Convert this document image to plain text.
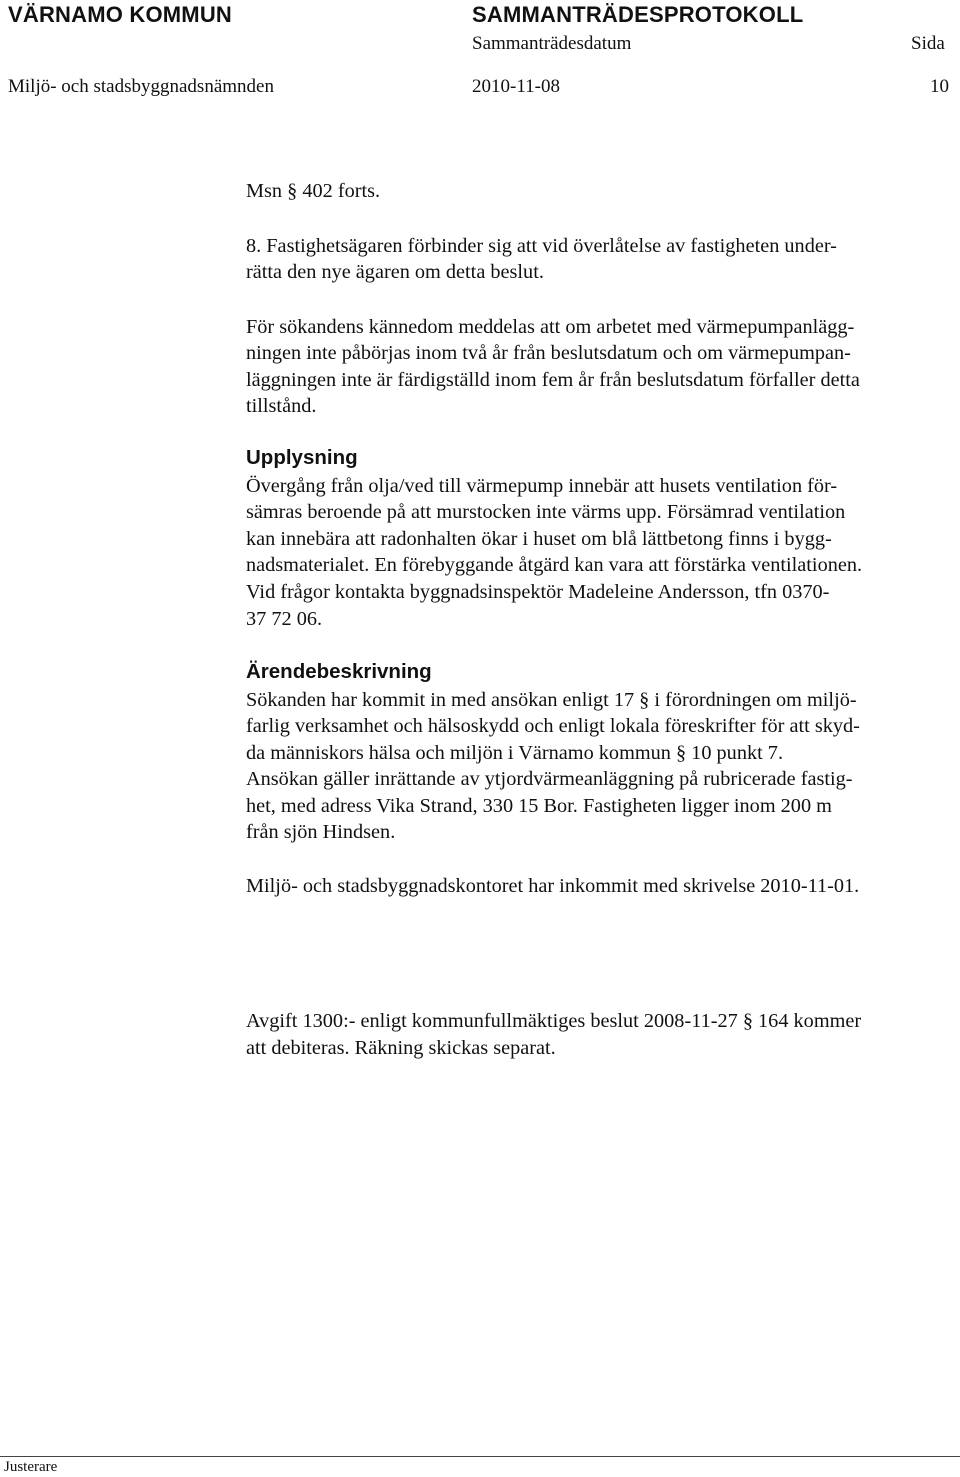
VÄRNAMO KOMMUN	SAMMANTRÄDESPROTOKOLL
Sammanträdesdatum	Sida
Miljö- och stadsbyggnadsnämnden	2010-11-08	10
Msn § 402 forts.
8. Fastighetsägaren förbinder sig att vid överlåtelse av fastigheten under-
rätta den nye ägaren om detta beslut.
För sökandens kännedom meddelas att om arbetet med värmepumpanlägg-
ningen inte påbörjas inom två år från beslutsdatum och om värmepumpan-
läggningen inte är färdigställd inom fem år från beslutsdatum förfaller detta
tillstånd.
Upplysning
Övergång från olja/ved till värmepump innebär att husets ventilation för-
sämras beroende på att murstocken inte värms upp. Försämrad ventilation
kan innebära att radonhalten ökar i huset om blå lättbetong finns i bygg-
nadsmaterialet. En förebyggande åtgärd kan vara att förstärka ventilationen.
Vid frågor kontakta byggnadsinspektör Madeleine Andersson, tfn 0370-
37 72 06.
Ärendebeskrivning
Sökanden har kommit in med ansökan enligt 17 § i förordningen om miljö-
farlig verksamhet och hälsoskydd och enligt lokala föreskrifter för att skyd-
da människors hälsa och miljön i Värnamo kommun § 10 punkt 7.
Ansökan gäller inrättande av ytjordvärmeanläggning på rubricerade fastig-
het, med adress Vika Strand, 330 15 Bor. Fastigheten ligger inom 200 m
från sjön Hindsen.
Miljö- och stadsbyggnadskontoret har inkommit med skrivelse 2010-11-01.
Avgift 1300:- enligt kommunfullmäktiges beslut 2008-11-27 § 164 kommer
att debiteras. Räkning skickas separat.
Justerare
